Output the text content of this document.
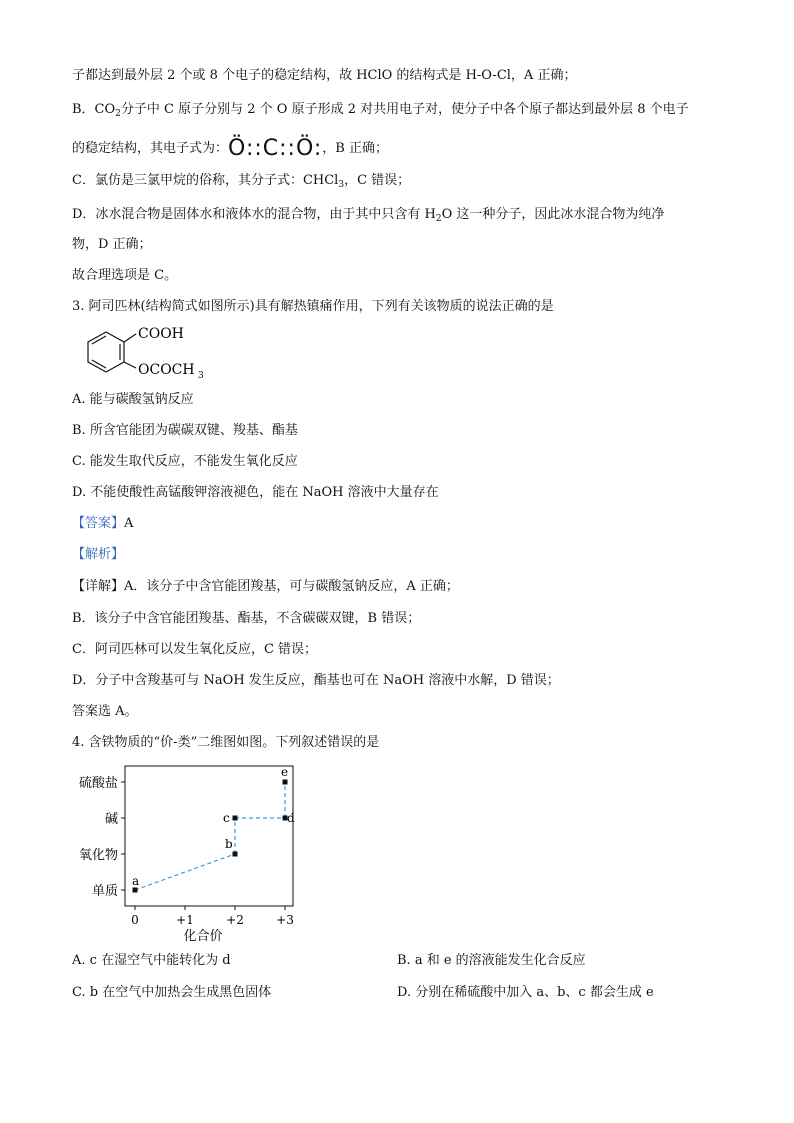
子都达到最外层 2 个或 8 个电子的稳定结构，故 HClO 的结构式是 H-O-Cl，A 正确；
B．$CO_2$分子中 C 原子分别与 2 个 O 原子形成 2 对共用电子对，使分子中各个原子都达到最外层 8 个电子
的稳定结构，其电子式为：Ö::C::Ö:，B 正确；
C．氯仿是三氯甲烷的俗称，其分子式：CHCl$_3$，C 错误；
D．冰水混合物是固体水和液体水的混合物，由于其中只含有 $H_2O$ 这一种分子，因此冰水混合物为纯净
物，D 正确；
故合理选项是 C。
3. 阿司匹林(结构简式如图所示)具有解热镇痛作用，下列有关该物质的说法正确的是
COOH
OCOCH 3
A. 能与碳酸氢钠反应
B. 所含官能团为碳碳双键、羧基、酯基
C. 能发生取代反应，不能发生氧化反应
D. 不能使酸性高锰酸钾溶液褪色，能在 NaOH 溶液中大量存在
【答案】A
【解析】
【详解】A．该分子中含官能团羧基，可与碳酸氢钠反应，A 正确；
B．该分子中含官能团羧基、酯基，不含碳碳双键，B 错误；
C．阿司匹林可以发生氧化反应，C 错误；
D．分子中含羧基可与 NaOH 发生反应，酯基也可在 NaOH 溶液中水解，D 错误；
答案选 A。
4. 含铁物质的“价-类”二维图如图。下列叙述错误的是
单质
氧化物
碱
硫酸盐
0	+1	+2	+3
化合价
a
b
c	d
e
A. c 在湿空气中能转化为 d	B. a 和 e 的溶液能发生化合反应
C. b 在空气中加热会生成黑色固体	D. 分别在稀硫酸中加入 a、b、c 都会生成 e
